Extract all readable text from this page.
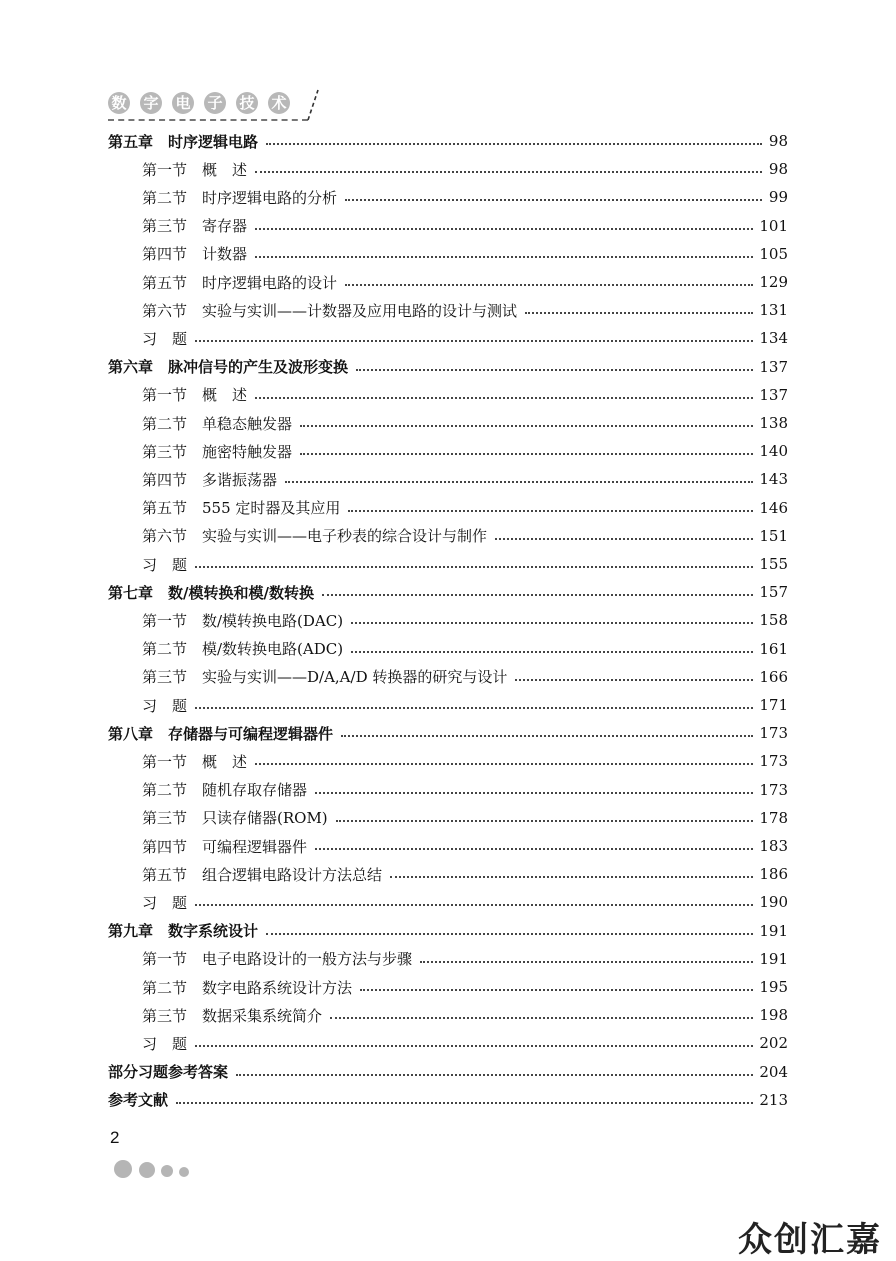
数 字 电 子 技 术
第五章　时序逻辑电路	98
第一节　概　述	98
第二节　时序逻辑电路的分析	99
第三节　寄存器	101
第四节　计数器	105
第五节　时序逻辑电路的设计	129
第六节　实验与实训——计数器及应用电路的设计与测试	131
习　题	134
第六章　脉冲信号的产生及波形变换	137
第一节　概　述	137
第二节　单稳态触发器	138
第三节　施密特触发器	140
第四节　多谐振荡器	143
第五节　555 定时器及其应用	146
第六节　实验与实训——电子秒表的综合设计与制作	151
习　题	155
第七章　数/模转换和模/数转换	157
第一节　数/模转换电路(DAC)	158
第二节　模/数转换电路(ADC)	161
第三节　实验与实训——D/A,A/D 转换器的研究与设计	166
习　题	171
第八章　存储器与可编程逻辑器件	173
第一节　概　述	173
第二节　随机存取存储器	173
第三节　只读存储器(ROM)	178
第四节　可编程逻辑器件	183
第五节　组合逻辑电路设计方法总结	186
习　题	190
第九章　数字系统设计	191
第一节　电子电路设计的一般方法与步骤	191
第二节　数字电路系统设计方法	195
第三节　数据采集系统简介	198
习　题	202
部分习题参考答案	204
参考文献	213
2
众创汇嘉
